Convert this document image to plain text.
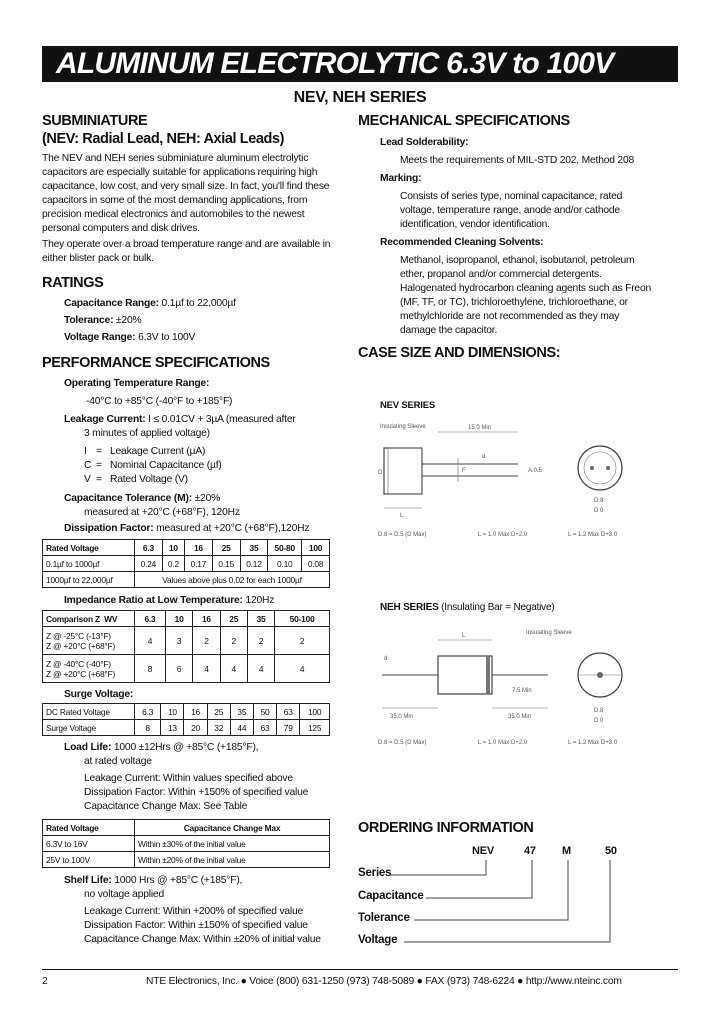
ALUMINUM ELECTROLYTIC 6.3V to 100V
NEV, NEH SERIES
SUBMINIATURE
(NEV: Radial Lead, NEH: Axial Leads)
The NEV and NEH series subminiature aluminum electrolytic capacitors are especially suitable for applications requiring high capacitance, low cost, and very small size. In fact, you'll find these capacitors in some of the most demanding applications, from precision medical electronics and automobiles to the newest personal computers and disk drives.
They operate over a broad temperature range and are available in either blister pack or bulk.
RATINGS
Capacitance Range: 0.1µf to 22,000µf
Tolerance: ±20%
Voltage Range: 6.3V to 100V
PERFORMANCE SPECIFICATIONS
Operating Temperature Range:
-40°C to +85°C (-40°F to +185°F)
Leakage Current: I ≤ 0.01CV + 3µA (measured after
3 minutes of applied voltage)
I = Leakage Current (µA)
C = Nominal Capacitance (µf)
V = Rated Voltage (V)
Capacitance Tolerance (M): ±20%
measured at +20°C (+68°F), 120Hz
Dissipation Factor: measured at +20°C (+68°F),120Hz
Rated Voltage	6.3	10	16	25	35	50-80	100
0.1µf to 1000µf	0.24	0.2	0.17	0.15	0.12	0.10	0.08
1000µf to 22,000µf	Values above plus 0.02 for each 1000µf						
Impedance Ratio at Low Temperature: 120Hz
Comparison Z WV	6.3	10	16	25	35	50-100
Z @ -25°C (-13°F)
Z @ +20°C (+68°F)	4	3	2	2	2	2
Z @ -40°C (-40°F)
Z @ +20°C (+68°F)	8	6	4	4	4	4
Surge Voltage:
DC Rated Voltage	6.3	10	16	25	35	50	63	100
Surge Voltage	8	13	20	32	44	63	79	125
Load Life: 1000 ±12Hrs @ +85°C (+185°F),
at rated voltage
Leakage Current: Within values specified above
Dissipation Factor: Within +150% of specified value
Capacitance Change Max: See Table
Rated Voltage	Capacitance Change Max
6.3V to 16V	Within ±30% of the initial value
25V to 100V	Within ±20% of the initial value
Shelf Life: 1000 Hrs @ +85°C (+185°F),
no voltage applied
Leakage Current: Within +200% of specified value
Dissipation Factor: Within ±150% of specified value
Capacitance Change Max: Within ±20% of initial value
MECHANICAL SPECIFICATIONS
Lead Solderability:
Meets the requirements of MIL-STD 202, Method 208
Marking:
Consists of series type, nominal capacitance, rated voltage, temperature range, anode and/or cathode identification, vendor identification.
Recommended Cleaning Solvents:
Methanol, isopropanol, ethanol, isobutanol, petroleum ether, propanol and/or commercial detergents. Halogenated hydrocarbon cleaning agents such as Freon (MF, TF, or TC), trichloroethylene, trichloroethane, or methylchloride are not recommended as they may damage the capacitor.
CASE SIZE AND DIMENSIONS:
NEV SERIES
Insulating Sleeve	15.0 Min
L
D	F
d
A.0.5
D.8
D 0
D.8 = D.5 (D Max)	L = 1.0 Max D+2.0	L = 1.2 Max D+3.0
NEH SERIES (Insulating Bar = Negative)
L	Insulating Sleeve
35.0 Min	35.0 Min
7.5 Min
d
D.8
D 0
D.8 = D.5 (D Max)	L = 1.0 Max D+2.0	L = 1.2 Max D+3.0
ORDERING INFORMATION
NEV	47 M	50
Series
Capacitance
Tolerance
Voltage
2	NTE Electronics, Inc. ● Voice (800) 631-1250 (973) 748-5089 ● FAX (973) 748-6224 ● http://www.nteinc.com
